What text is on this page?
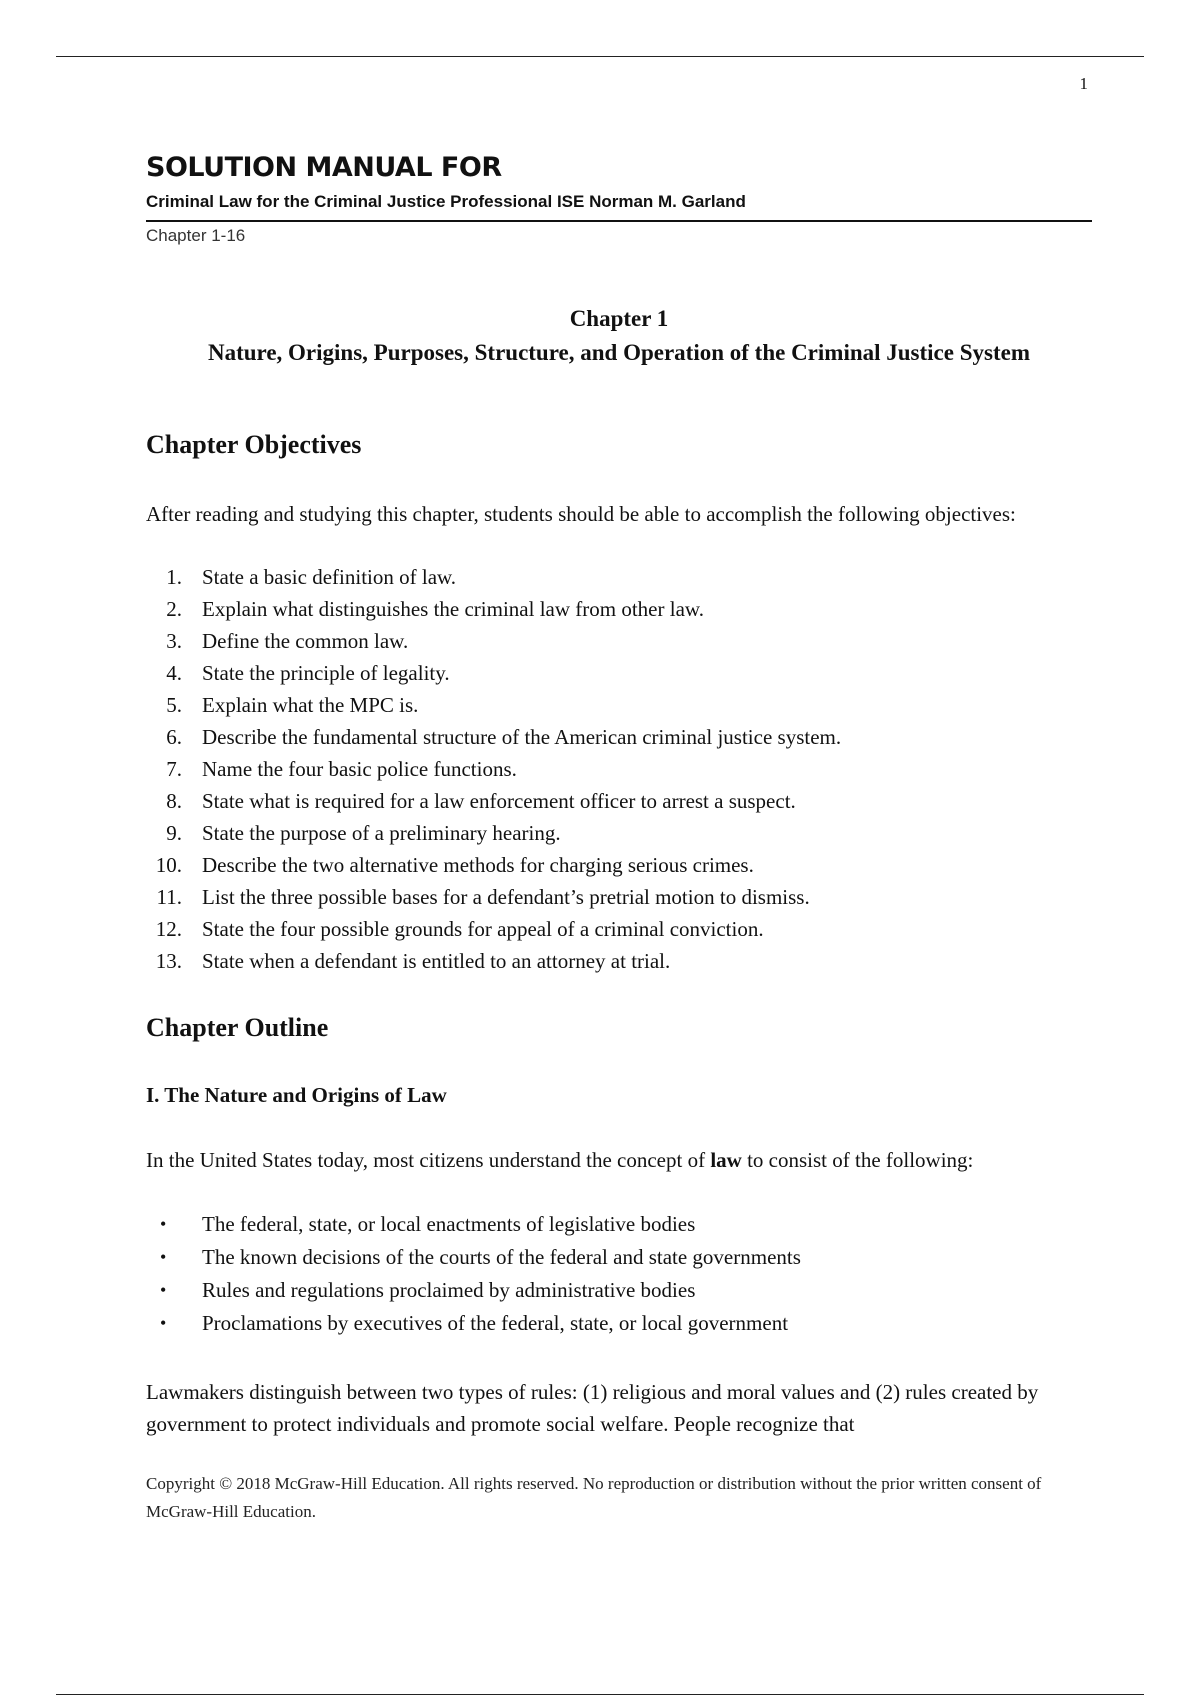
1
SOLUTION MANUAL FOR
Criminal Law for the Criminal Justice Professional ISE Norman M. Garland
Chapter 1-16
Chapter 1
Nature, Origins, Purposes, Structure, and Operation of the Criminal Justice System
Chapter Objectives

After reading and studying this chapter, students should be able to accomplish the following objectives:

1. State a basic definition of law.
2. Explain what distinguishes the criminal law from other law.
3. Define the common law.
4. State the principle of legality.
5. Explain what the MPC is.
6. Describe the fundamental structure of the American criminal justice system.
7. Name the four basic police functions.
8. State what is required for a law enforcement officer to arrest a suspect.
9. State the purpose of a preliminary hearing.
10. Describe the two alternative methods for charging serious crimes.
11. List the three possible bases for a defendant’s pretrial motion to dismiss.
12. State the four possible grounds for appeal of a criminal conviction.
13. State when a defendant is entitled to an attorney at trial.
Chapter Outline
I. The Nature and Origins of Law

In the United States today, most citizens understand the concept of law to consist of the following:

• The federal, state, or local enactments of legislative bodies
• The known decisions of the courts of the federal and state governments
• Rules and regulations proclaimed by administrative bodies
• Proclamations by executives of the federal, state, or local government

Lawmakers distinguish between two types of rules: (1) religious and moral values and (2) rules created by government to protect individuals and promote social welfare. People recognize that

Copyright © 2018 McGraw-Hill Education. All rights reserved. No reproduction or distribution without the prior written consent of McGraw-Hill Education.
